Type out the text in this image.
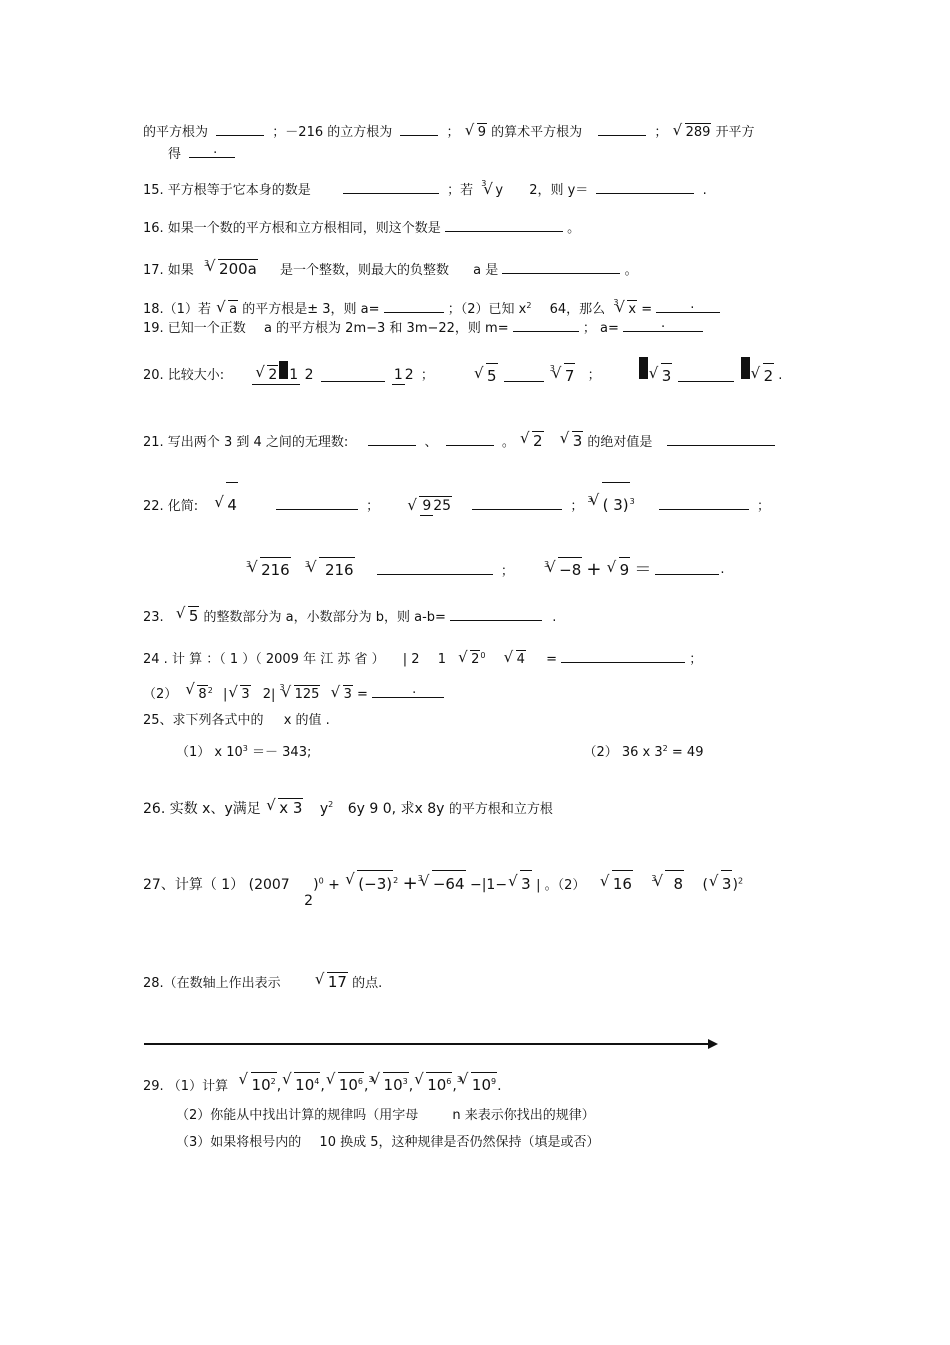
的平方根为	；－216 的立方根为	； √ 9 的算术平方根为	； √ 289 开平方
得 .
15. 平方根等于它本身的数是	；若 3√ y 2，则 y＝	.
16. 如果一个数的平方根和立方根相同，则这个数是	。
17. 如果 3√ 200a 是一个整数，则最大的负整数 a 是	。
18.（1）若 √ a 的平方根是± 3，则 a=	；（2）已知 $x^2$ 64，那么 3√ x =	.
19. 已知一个正数 a 的平方根为 2m−3 和 3m−22，则 m=	； a=	.
20. 比较大小: √	2 1 2	1 2 ； √	5	3√ 7 ； √	3  √	2 .
21. 写出两个 3 到 4 之间的无理数:	、	。 √ 2 √ 3 的绝对值是
22. 化简: √ 4	； √	9 25	； 3√ ( 3)$^3$	；
3√ 216 3√ 216	；	3√ −8 + √ 9 ＝	.
23. √ 5 的整数部分为 a，小数部分为 b，则 a-b=	.
24 . 计 算 ：（ 1 ）（ 2009 年 江 苏 省 ） | 2 1 √ $2^0$ √ 4 =	；
（2） √ $8^2$ |√ 3 2| 3√ 125 √ 3 =	.
25、求下列各式中的 x 的值 .
（1） x $10^3 =- 343$;	（2） 36 x $3^2 = 49$
26. 实数 x、y满足 √ x 3 $y^2$ 6y 9 0, 求x 8y 的平方根和立方根
27、计算（ 1） (2007 2)$^0$ + √ $(-3)^2 +3√ -64 -|1-√$ 3 | 。（2） √ 16 3√ 8 (√ 3)$^2$
28.（在数轴上作出表示 √	17 的点.
29. （1）计算 √ $10^2,√$ $10^4,√$ $10^6,3√$ $10^3,√$ $10^6,3√$ $10^9$.
（2）你能从中找出计算的规律吗（用字母	n 来表示你找出的规律）
（3）如果将根号内的 10 换成 5，这种规律是否仍然保持（填是或否）
